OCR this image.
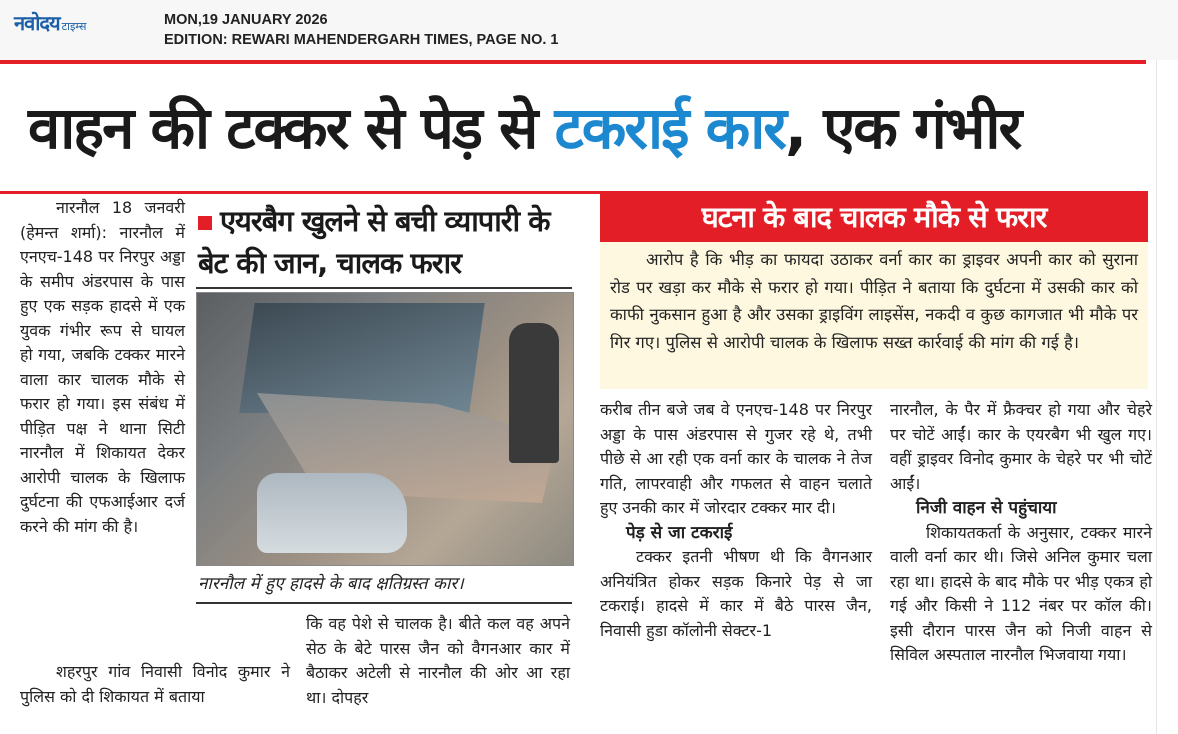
नवोदय टाइम्स	MON,19 JANUARY 2026
EDITION: REWARI MAHENDERGARH TIMES, PAGE NO. 1
वाहन की टक्कर से पेड़ से टकराई कार, एक गंभीर

नारनौल 18 जनवरी (हेमन्त शर्मा): नारनौल में एनएच-148 पर निरपुर अड्डा के समीप अंडरपास के पास हुए एक सड़क हादसे में एक युवक गंभीर रूप से घायल हो गया, जबकि टक्कर मारने वाला कार चालक मौके से फरार हो गया। इस संबंध में पीड़ित पक्ष ने थाना सिटी नारनौल में शिकायत देकर आरोपी चालक के खिलाफ दुर्घटना की एफआईआर दर्ज करने की मांग की है।

एयरबैग खुलने से बची व्यापारी के बेट की जान, चालक फरार
नारनौल में हुए हादसे के बाद क्षतिग्रस्त कार।

शहरपुर गांव निवासी विनोद कुमार ने पुलिस को दी शिकायत में बताया

कि वह पेशे से चालक है। बीते कल वह अपने सेठ के बेटे पारस जैन को वैगनआर कार में बैठाकर अटेली से नारनौल की ओर आ रहा था। दोपहर

घटना के बाद चालक मौके से फरार
आरोप है कि भीड़ का फायदा उठाकर वर्ना कार का ड्राइवर अपनी कार को सुराना रोड पर खड़ा कर मौके से फरार हो गया। पीड़ित ने बताया कि दुर्घटना में उसकी कार को काफी नुकसान हुआ है और उसका ड्राइविंग लाइसेंस, नकदी व कुछ कागजात भी मौके पर गिर गए। पुलिस से आरोपी चालक के खिलाफ सख्त कार्रवाई की मांग की गई है।

करीब तीन बजे जब वे एनएच-148 पर निरपुर अड्डा के पास अंडरपास से गुजर रहे थे, तभी पीछे से आ रही एक वर्ना कार के चालक ने तेज गति, लापरवाही और गफलत से वाहन चलाते हुए उनकी कार में जोरदार टक्कर मार दी।

पेड़ से जा टकराई

टक्कर इतनी भीषण थी कि वैगनआर अनियंत्रित होकर सड़क किनारे पेड़ से जा टकराई। हादसे में कार में बैठे पारस जैन, निवासी हुडा कॉलोनी सेक्टर-1

नारनौल, के पैर में फ्रैक्चर हो गया और चेहरे पर चोटें आईं। कार के एयरबैग भी खुल गए। वहीं ड्राइवर विनोद कुमार के चेहरे पर भी चोटें आईं।

निजी वाहन से पहुंचाया

शिकायतकर्ता के अनुसार, टक्कर मारने वाली वर्ना कार थी। जिसे अनिल कुमार चला रहा था। हादसे के बाद मौके पर भीड़ एकत्र हो गई और किसी ने 112 नंबर पर कॉल की। इसी दौरान पारस जैन को निजी वाहन से सिविल अस्पताल नारनौल भिजवाया गया।
